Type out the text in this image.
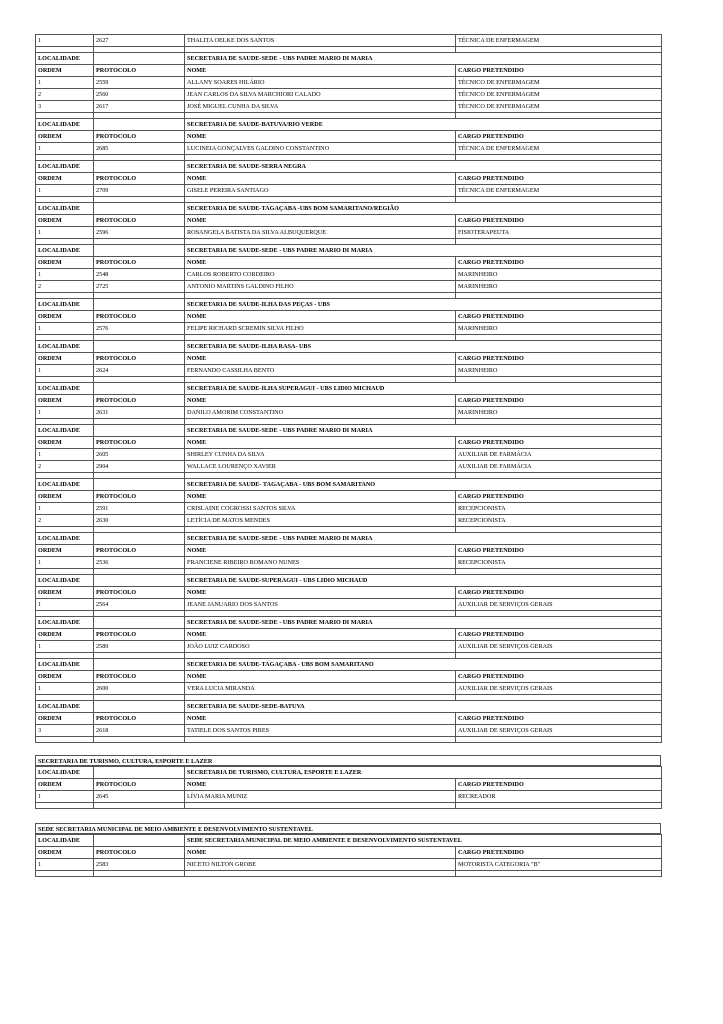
1	2627	THALITA OELKE DOS SANTOS	TÉCNICA DE ENFERMAGEM

LOCALIDADE		SECRETARIA DE SAUDE-SEDE - UBS PADRE MARIO DI MARIA	
ORDEM	PROTOCOLO	NOME	CARGO PRETENDIDO
1	2559	ALLANY SOARES HILÁRIO	TÉCNICO DE ENFERMAGEM
2	2560	JEAN CARLOS DA SILVA MARCHIORI CALADO	TÉCNICO DE ENFERMAGEM
3	2617	JOSÉ MIGUEL CUNHA DA SILVA	TÉCNICO DE ENFERMAGEM

LOCALIDADE		SECRETARIA DE SAUDE-BATUVA/RIO VERDE	
ORDEM	PROTOCOLO	NOME	CARGO PRETENDIDO
1	2685	LUCINEIA GONÇALVES GALDINO CONSTANTINO	TÉCNICA DE ENFERMAGEM

LOCALIDADE		SECRETARIA DE SAUDE-SERRA NEGRA	
ORDEM	PROTOCOLO	NOME	CARGO PRETENDIDO
1	2709	GISELE PEREIRA SANTIAGO	TÉCNICA DE ENFERMAGEM

LOCALIDADE		SECRETARIA DE SAUDE-TAGAÇABA -UBS BOM SAMARITANO/REGIÃO	
ORDEM	PROTOCOLO	NOME	CARGO PRETENDIDO
1	2596	ROSANGELA BATISTA DA SILVA ALBUQUERQUE	FISIOTERAPEUTA

LOCALIDADE		SECRETARIA DE SAUDE-SEDE - UBS PADRE MARIO DI MARIA	
ORDEM	PROTOCOLO	NOME	CARGO PRETENDIDO
1	2548	CARLOS ROBERTO CORDEIRO	MARINHEIRO
2	2725	ANTONIO MARTINS GALDINO FILHO	MARINHEIRO

LOCALIDADE		SECRETARIA DE SAUDE-ILHA DAS PEÇAS - UBS	
ORDEM	PROTOCOLO	NOME	CARGO PRETENDIDO
1	2576	FELIPE RICHARD SCREMIN SILVA FILHO	MARINHEIRO

LOCALIDADE		SECRETARIA DE SAUDE-ILHA RASA- UBS	
ORDEM	PROTOCOLO	NOME	CARGO PRETENDIDO
1	2624	FERNANDO CASSILHA BENTO	MARINHEIRO

LOCALIDADE		SECRETARIA DE SAUDE-ILHA SUPERAGUI - UBS LIDIO MICHAUD	
ORDEM	PROTOCOLO	NOME	CARGO PRETENDIDO
1	2631	DANILO AMORIM CONSTANTINO	MARINHEIRO

LOCALIDADE		SECRETARIA DE SAUDE-SEDE - UBS PADRE MARIO DI MARIA	
ORDEM	PROTOCOLO	NOME	CARGO PRETENDIDO
1	2605	SHIRLEY CUNHA DA SILVA	AUXILIAR DE FARMÁCIA
2	2904	WALLACE LOURENÇO XAVIER	AUXILIAR DE FARMÁCIA

LOCALIDADE		SECRETARIA DE SAUDE- TAGAÇABA - UBS BOM SAMARITANO	
ORDEM	PROTOCOLO	NOME	CARGO PRETENDIDO
1	2591	CRISLAINE COGROSSI SANTOS SILVA	RECEPCIONISTA
2	2630	LETÍCIA DE MATOS MENDES	RECEPCIONISTA

LOCALIDADE		SECRETARIA DE SAUDE-SEDE - UBS PADRE MARIO DI MARIA	
ORDEM	PROTOCOLO	NOME	CARGO PRETENDIDO
1	2536	FRANCIENE RIBEIRO ROMANO NUNES	RECEPCIONISTA

LOCALIDADE		SECRETARIA DE SAUDE-SUPERAGUI - UBS LIDIO MICHAUD	
ORDEM	PROTOCOLO	NOME	CARGO PRETENDIDO
1	2564	JEANE JANUARIO DOS SANTOS	AUXILIAR DE SERVIÇOS GERAIS

LOCALIDADE		SECRETARIA DE SAUDE-SEDE - UBS PADRE MARIO DI MARIA	
ORDEM	PROTOCOLO	NOME	CARGO PRETENDIDO
1	2589	JOÃO LUIZ CARDOSO	AUXILIAR DE SERVIÇOS GERAIS

LOCALIDADE		SECRETARIA DE SAUDE-TAGAÇABA - UBS BOM SAMARITANO	
ORDEM	PROTOCOLO	NOME	CARGO PRETENDIDO
1	2600	VERA LUCIA MIRANDA	AUXILIAR DE SERVIÇOS GERAIS

LOCALIDADE		SECRETARIA DE SAUDE-SEDE-BATUVA	
ORDEM	PROTOCOLO	NOME	CARGO PRETENDIDO
3	2618	TATIELE DOS SANTOS PIRES	AUXILIAR DE SERVIÇOS GERAIS

SECRETARIA DE TURISMO, CULTURA, ESPORTE E LAZER
LOCALIDADE		SECRETARIA DE TURISMO, CULTURA, ESPORTE E LAZER	
ORDEM	PROTOCOLO	NOME	CARGO PRETENDIDO
1	2645	LÍVIA MARIA MUNIZ	RECREADOR

SEDE SECRETARIA MUNICIPAL DE MEIO AMBIENTE E DESENVOLVIMENTO SUSTENTAVEL
LOCALIDADE		SEDE SECRETARIA MUNICIPAL DE MEIO AMBIENTE E DESENVOLVIMENTO SUSTENTAVEL	
ORDEM	PROTOCOLO	NOME	CARGO PRETENDIDO
1	2583	NICETO NILTON GROBE	MOTORISTA CATEGORIA "B"
